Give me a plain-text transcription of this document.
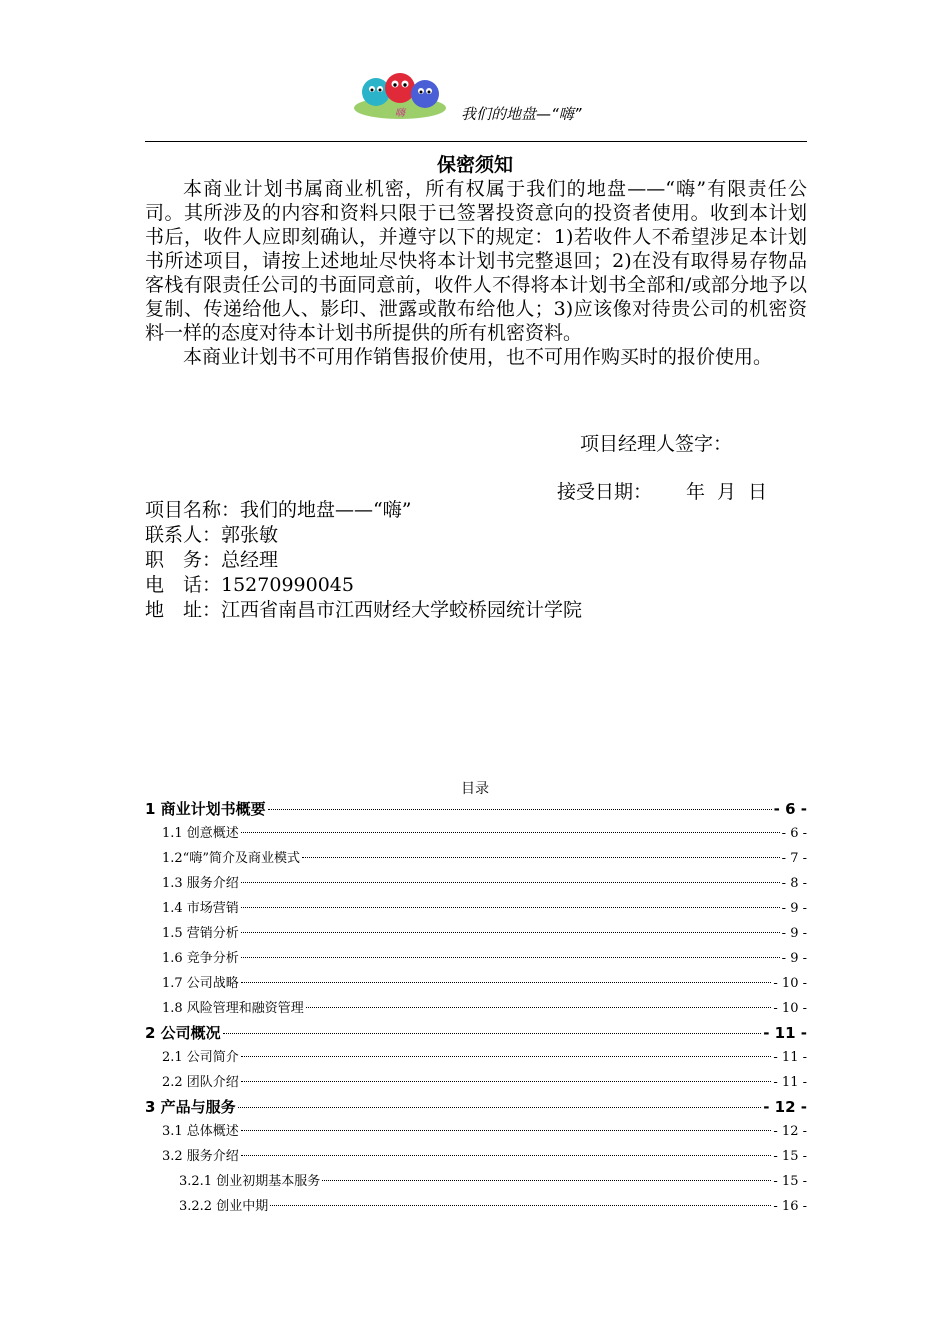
嗨	我们的地盘—“嗨”
保密须知

本商业计划书属商业机密，所有权属于我们的地盘——“嗨”有限责任公司。其所涉及的内容和资料只限于已签署投资意向的投资者使用。收到本计划书后，收件人应即刻确认，并遵守以下的规定：1)若收件人不希望涉足本计划书所述项目，请按上述地址尽快将本计划书完整退回；2)在没有取得易存物品客栈有限责任公司的书面同意前，收件人不得将本计划书全部和/或部分地予以复制、传递给他人、影印、泄露或散布给他人；3)应该像对待贵公司的机密资料一样的态度对待本计划书所提供的所有机密资料。

本商业计划书不可用作销售报价使用，也不可用作购买时的报价使用。

项目经理人签字：
接受日期： 年 月 日
项目名称：我们的地盘——“嗨”
联系人：郭张敏
职　务：总经理
电　话：15270990045
地　址：江西省南昌市江西财经大学蛟桥园统计学院
目录
1 商业计划书概要	- 6 -
1.1 创意概述	- 6 -
1.2“嗨”简介及商业模式	- 7 -
1.3 服务介绍	- 8 -
1.4 市场营销	- 9 -
1.5 营销分析	- 9 -
1.6 竞争分析	- 9 -
1.7 公司战略	- 10 -
1.8 风险管理和融资管理	- 10 -
2 公司概况	- 11 -
2.1 公司简介	- 11 -
2.2 团队介绍	- 11 -
3 产品与服务	- 12 -
3.1 总体概述	- 12 -
3.2 服务介绍	- 15 -
3.2.1 创业初期基本服务	- 15 -
3.2.2 创业中期	- 16 -
